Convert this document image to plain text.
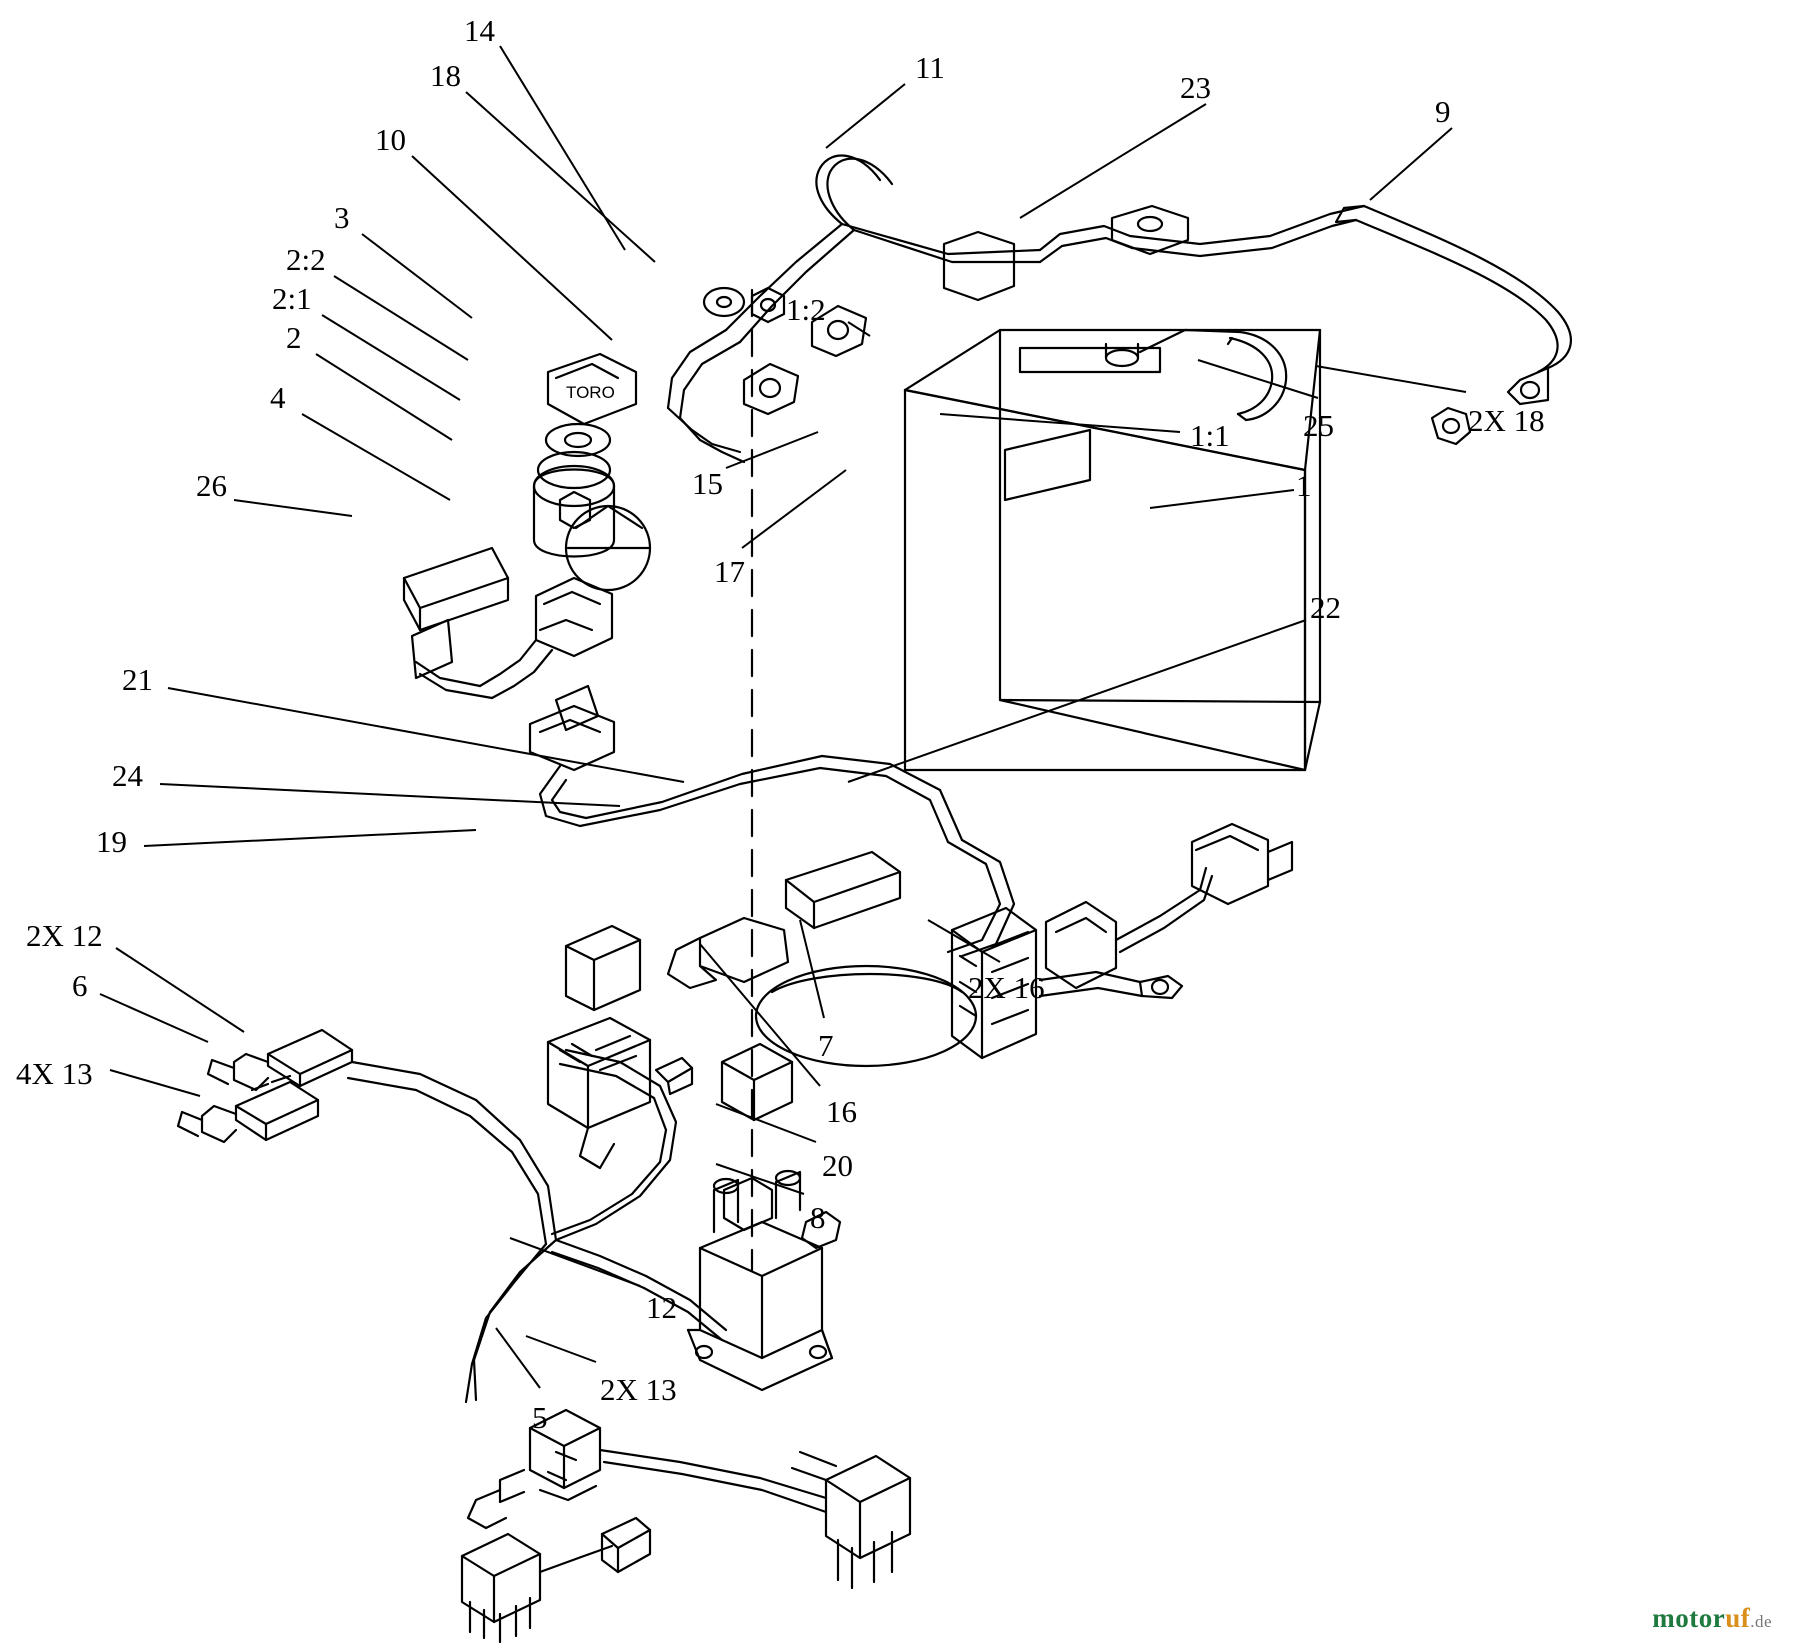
TORO
14
18	11
23
9
10
3
2:2
2:1
2
4
1:2
26
1:1 25	2X 18
15
17
1
22
21
24
19
2X 16
7
2X 12
6
4X 13
16
20
8
12
2X 13
5
motoruf.de
